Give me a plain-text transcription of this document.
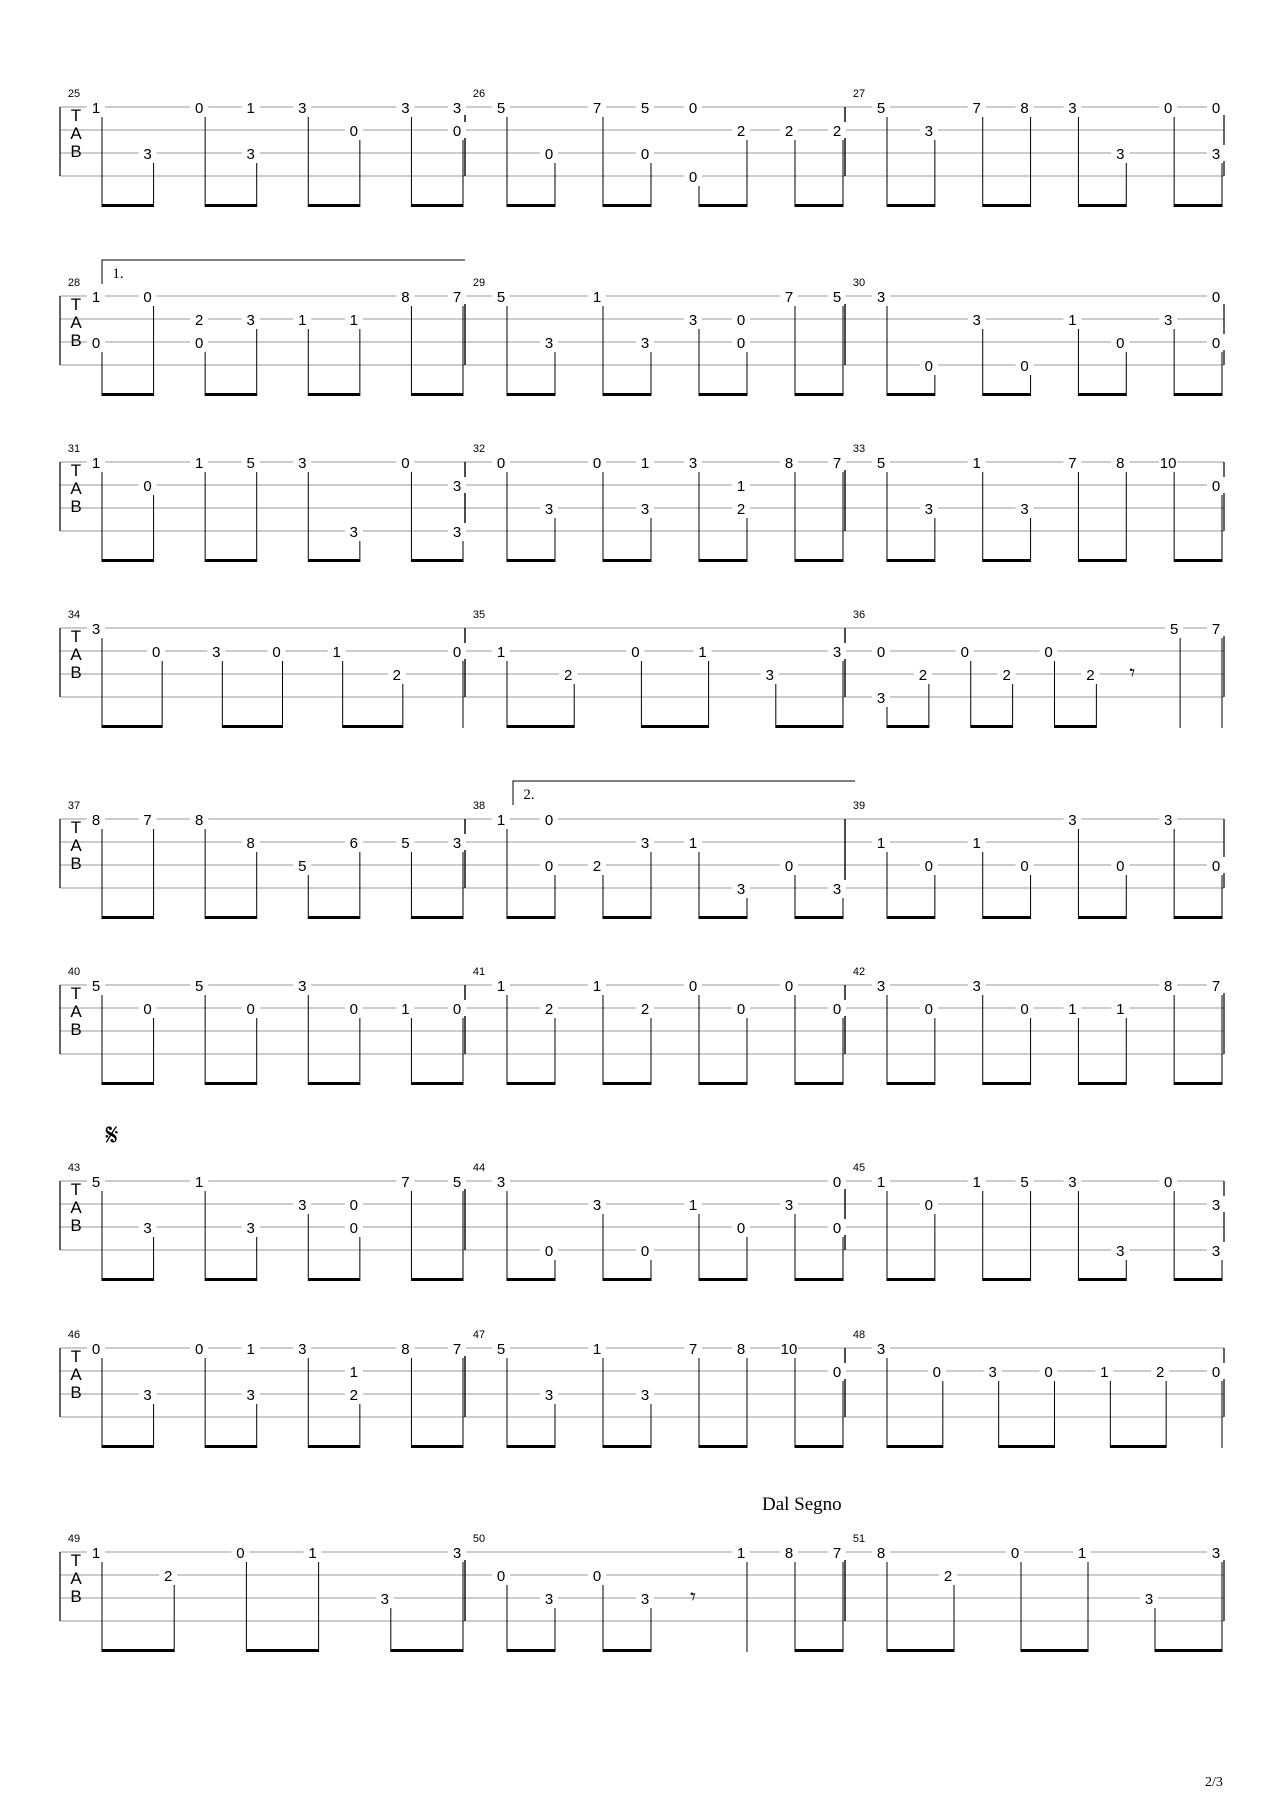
T
A
B
25
1
3
0	1
3
3
0
3	3
0
26
5
0
7	5
0
0
0
2	2	2
27
5
3
7	8	3
3
0	0
3
T
A
B
28
1
0
0
2
0
3	1	1
8	7
29
5
3
1
3
3	0
0
7	5
30
3
0
3
0
1
0
3
0
0
1.
T
A
B
31
1
0
1	5	3
3
0
3
3
32
0
3
0	1
3
3
1
2
8	7
33
5
3
1
3
7	8 10
0
T
A
B
34
3
0	3	0	1
2
0
35
1
2
0	1
3
3
36
0
3
2
0
2
0
2 𝄾
5 7
T
A
B
37
8	7	8
8
5
6	5	3
38
1	0
0	2
3	1
3
0
3
39
1
0
1
0
3
0
3
0
2.
T
A
B
40
5
0
5
0
3
0	1	0
41
1
2
1
2
0
0
0
0
42
3
0
3
0	1	1
8	7
T
A
B
43
5
3
1
3
3	0
0
7	5
44
3
0
3
0
1
0
3
0
0
45
1
0
1	5	3
3
0
3
3
𝄋
T
A
B
46
0
3
0	1
3
3
1
2
8	7
47
5
3
1
3
7	8 10
0
48
3
0	3	0	1	2	0
T
A
B
49
1
2
0	1
3
3
50
0
3
0
3 𝄾
1	8	7
51
8
2
0	1
3
3
Dal Segno
2/3
